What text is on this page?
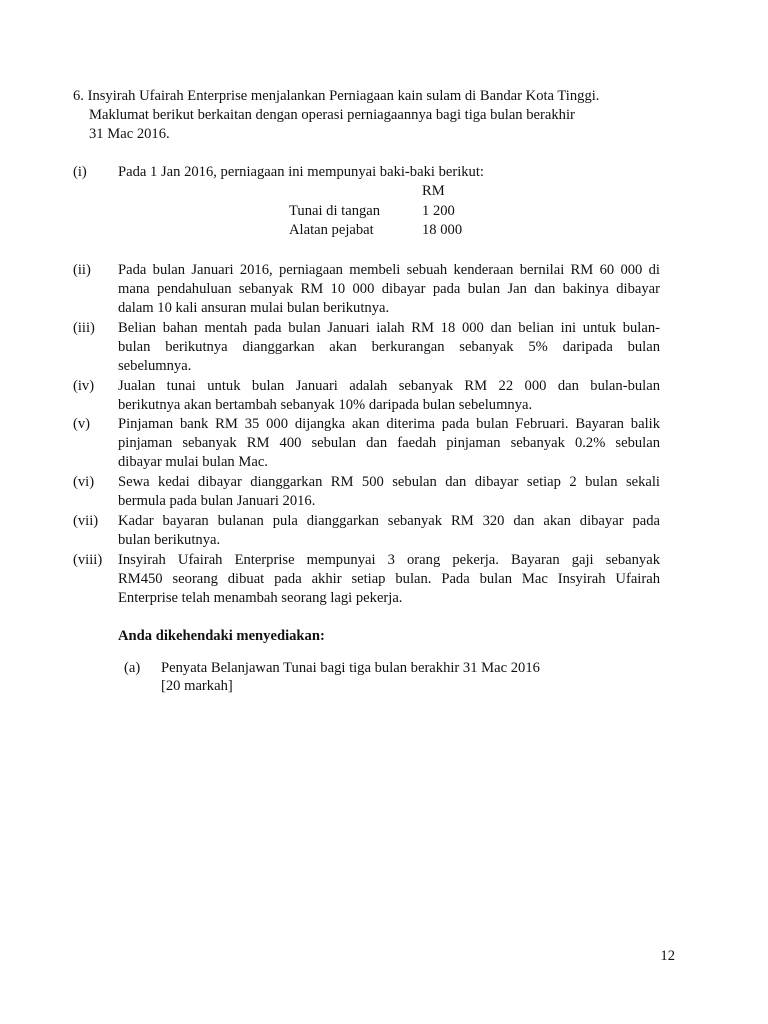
6. Insyirah Ufairah Enterprise menjalankan Perniagaan kain sulam di Bandar Kota Tinggi.
Maklumat berikut berkaitan dengan operasi perniagaannya bagi tiga bulan berakhir
31 Mac 2016.
(i) Pada 1 Jan 2016, perniagaan ini mempunyai baki-baki berikut:
RM
Tunai di tangan	1 200
Alatan pejabat	18 000
(ii) Pada bulan Januari 2016, perniagaan membeli sebuah kenderaan bernilai RM 60 000 di
mana pendahuluan sebanyak RM 10 000 dibayar pada bulan Jan dan bakinya dibayar
dalam 10 kali ansuran mulai bulan berikutnya.
(iii) Belian bahan mentah pada bulan Januari ialah RM 18 000 dan belian ini untuk bulan-
bulan berikutnya dianggarkan akan berkurangan sebanyak 5% daripada bulan
sebelumnya.
(iv) Jualan tunai untuk bulan Januari adalah sebanyak RM 22 000 dan bulan-bulan
berikutnya akan bertambah sebanyak 10% daripada bulan sebelumnya.
(v) Pinjaman bank RM 35 000 dijangka akan diterima pada bulan Februari. Bayaran balik
pinjaman sebanyak RM 400 sebulan dan faedah pinjaman sebanyak 0.2% sebulan
dibayar mulai bulan Mac.
(vi) Sewa kedai dibayar dianggarkan RM 500 sebulan dan dibayar setiap 2 bulan sekali
bermula pada bulan Januari 2016.
(vii) Kadar bayaran bulanan pula dianggarkan sebanyak RM 320 dan akan dibayar pada
bulan berikutnya.
(viii) Insyirah Ufairah Enterprise mempunyai 3 orang pekerja. Bayaran gaji sebanyak
RM450 seorang dibuat pada akhir setiap bulan. Pada bulan Mac Insyirah Ufairah
Enterprise telah menambah seorang lagi pekerja.
Anda dikehendaki menyediakan:
(a) Penyata Belanjawan Tunai bagi tiga bulan berakhir 31 Mac 2016
[20 markah]
12
